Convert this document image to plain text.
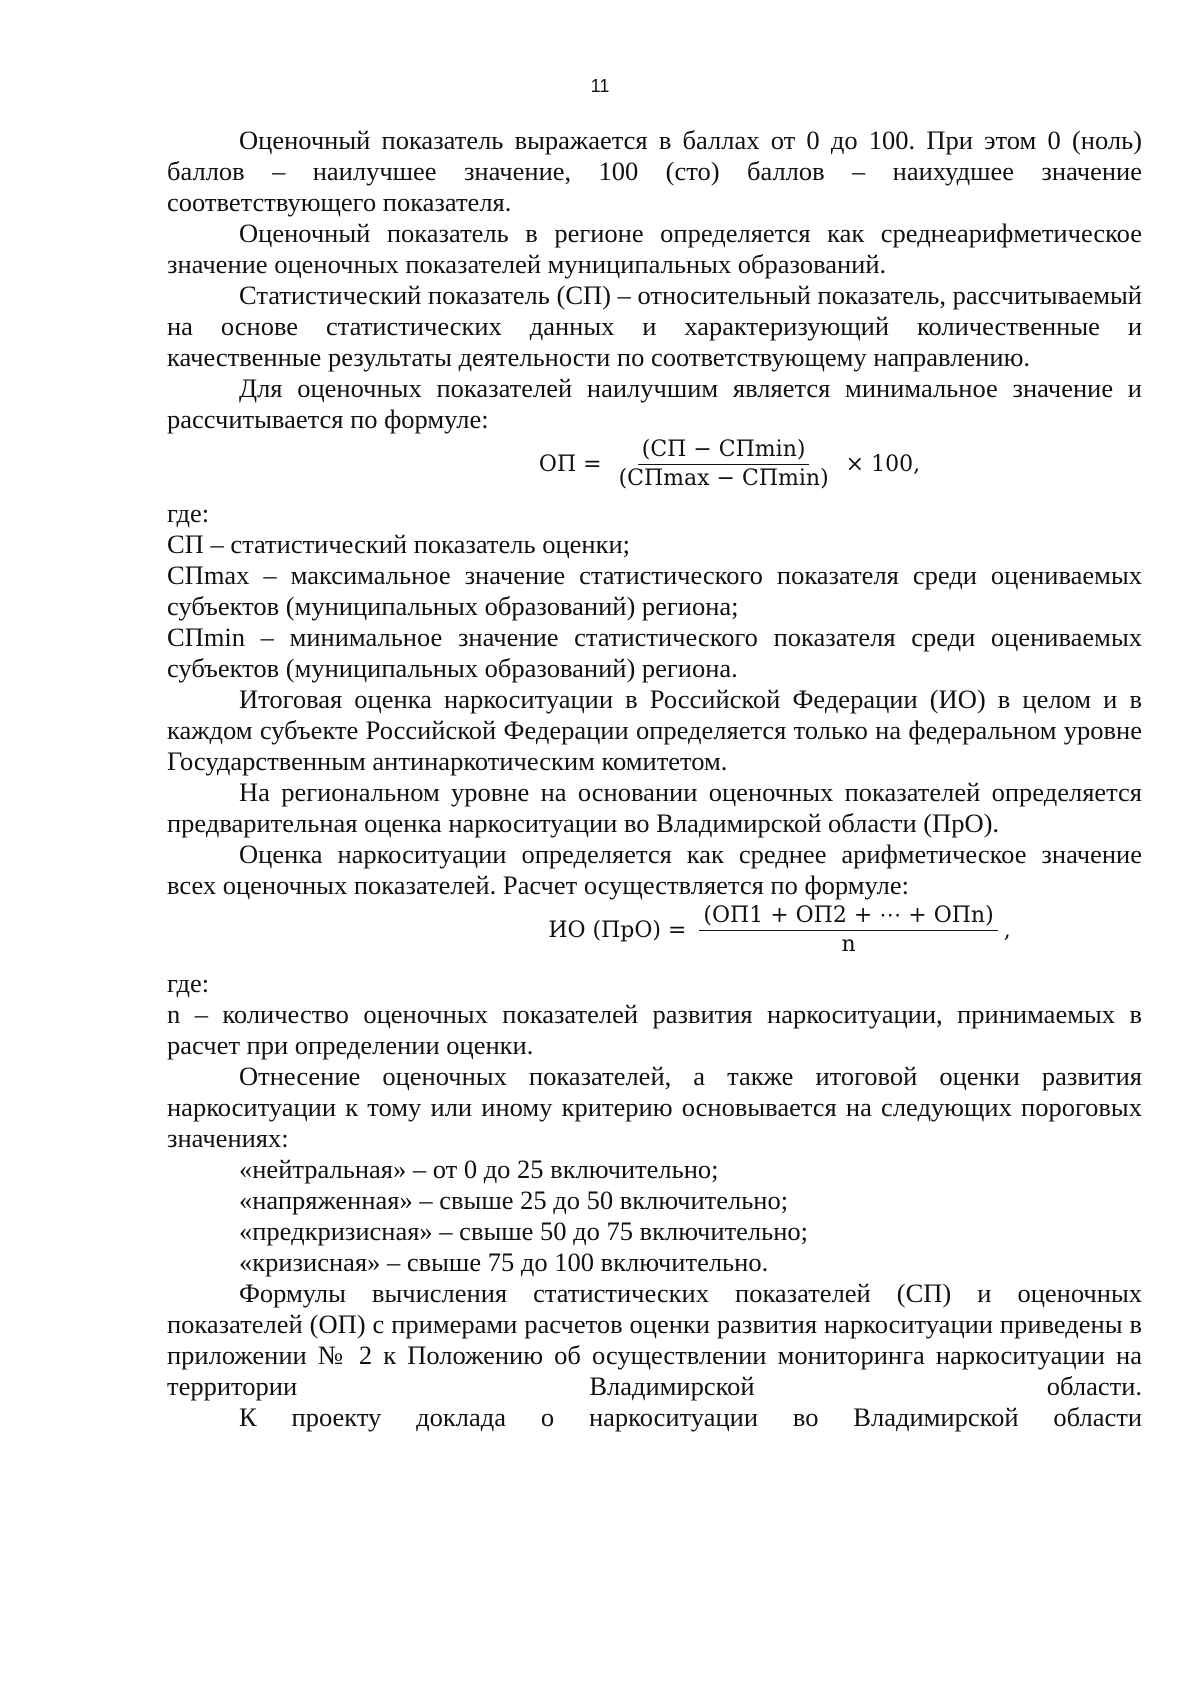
11

Оценочный показатель выражается в баллах от 0 до 100. При этом 0 (ноль) баллов – наилучшее значение, 100 (сто) баллов – наихудшее значение соответствующего показателя.

Оценочный показатель в регионе определяется как среднеарифметическое значение оценочных показателей муниципальных образований.

Статистический показатель (СП) – относительный показатель, рассчитываемый на основе статистических данных и характеризующий количественные и качественные результаты деятельности по соответствующему направлению.

Для оценочных показателей наилучшим является минимальное значение и рассчитывается по формуле:

ОП = $\frac{(СП - СП\min)}{(СП\max - СП\min)} \times 100$,

где:

СП – статистический показатель оценки;

СПmax – максимальное значение статистического показателя среди оцениваемых субъектов (муниципальных образований) региона;

СПmin – минимальное значение статистического показателя среди оцениваемых субъектов (муниципальных образований) региона.

Итоговая оценка наркоситуации в Российской Федерации (ИО) в целом и в каждом субъекте Российской Федерации определяется только на федеральном уровне Государственным антинаркотическим комитетом.

На региональном уровне на основании оценочных показателей определяется предварительная оценка наркоситуации во Владимирской области (ПрО).

Оценка наркоситуации определяется как среднее арифметическое значение всех оценочных показателей. Расчет осуществляется по формуле:

ИО $(ПрО) = \frac{\text{(ОП1 + ОП2 + ⋯ + ОПn)}}{n}$ ,

где:

n – количество оценочных показателей развития наркоситуации, принимаемых в расчет при определении оценки.

Отнесение оценочных показателей, а также итоговой оценки развития наркоситуации к тому или иному критерию основывается на следующих пороговых значениях:

«нейтральная» – от 0 до 25 включительно;

«напряженная» – свыше 25 до 50 включительно;

«предкризисная» – свыше 50 до 75 включительно;

«кризисная» – свыше 75 до 100 включительно.

Формулы вычисления статистических показателей (СП) и оценочных показателей (ОП) с примерами расчетов оценки развития наркоситуации приведены в приложении № 2 к Положению об осуществлении мониторинга наркоситуации на территории Владимирской области.

К проекту доклада о наркоситуации во Владимирской области
